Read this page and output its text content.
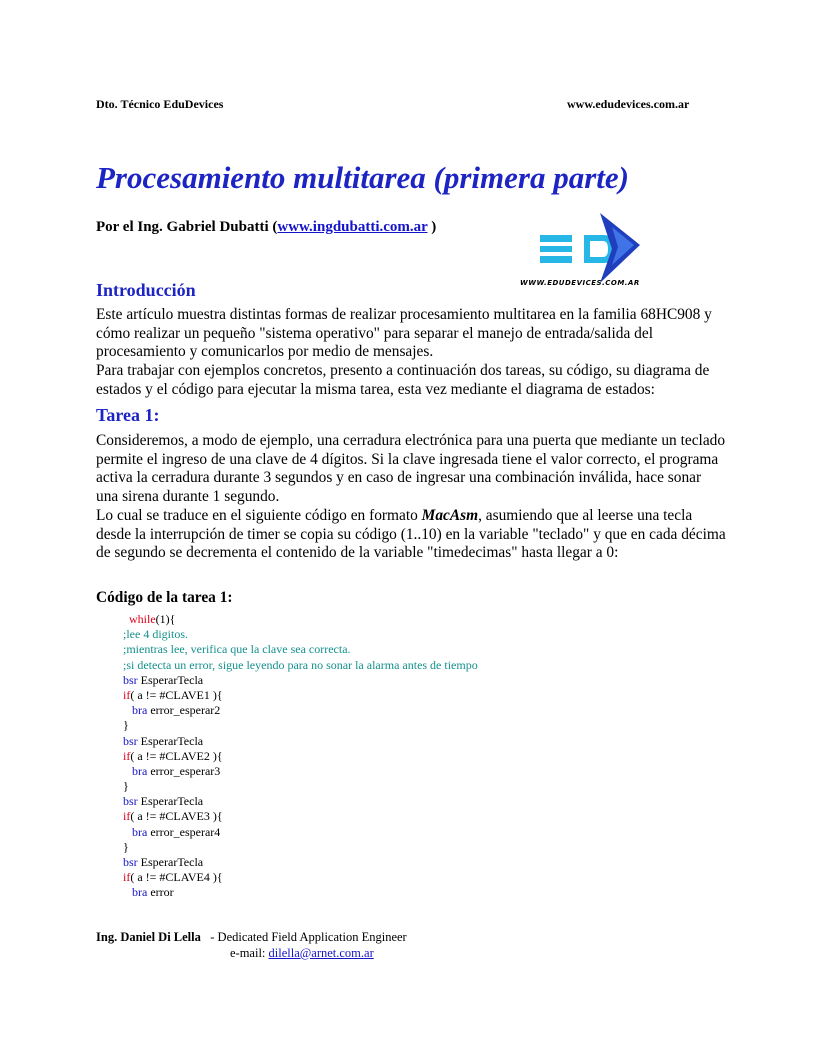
Dto. Técnico EduDevices	www.edudevices.com.ar
Procesamiento multitarea (primera parte)
Por el Ing. Gabriel Dubatti (www.ingdubatti.com.ar )
WWW.EDUDEVICES.COM.AR
Introducción

Este artículo muestra distintas formas de realizar procesamiento multitarea en la familia 68HC908 y cómo realizar un pequeño "sistema operativo" para separar el manejo de entrada/salida del procesamiento y comunicarlos por medio de mensajes.

Para trabajar con ejemplos concretos, presento a continuación dos tareas, su código, su diagrama de estados y el código para ejecutar la misma tarea, esta vez mediante el diagrama de estados:

Tarea 1:

Consideremos, a modo de ejemplo, una cerradura electrónica para una puerta que mediante un teclado permite el ingreso de una clave de 4 dígitos. Si la clave ingresada tiene el valor correcto, el programa activa la cerradura durante 3 segundos y en caso de ingresar una combinación inválida, hace sonar una sirena durante 1 segundo.

Lo cual se traduce en el siguiente código en formato MacAsm, asumiendo que al leerse una tecla desde la interrupción de timer se copia su código (1..10) en la variable "teclado" y que en cada décima de segundo se decrementa el contenido de la variable "timedecimas" hasta llegar a 0:

Código de la tarea 1:
while(1){
;lee 4 digitos.
;mientras lee, verifica que la clave sea correcta.
;si detecta un error, sigue leyendo para no sonar la alarma antes de tiempo
bsr EsperarTecla
if( a != #CLAVE1 ){
bra error_esperar2
}
bsr EsperarTecla
if( a != #CLAVE2 ){
bra error_esperar3
}
bsr EsperarTecla
if( a != #CLAVE3 ){
bra error_esperar4
}
bsr EsperarTecla
if( a != #CLAVE4 ){
bra error
Ing. Daniel Di Lella   - Dedicated Field Application Engineer
e-mail: dilella@arnet.com.ar
